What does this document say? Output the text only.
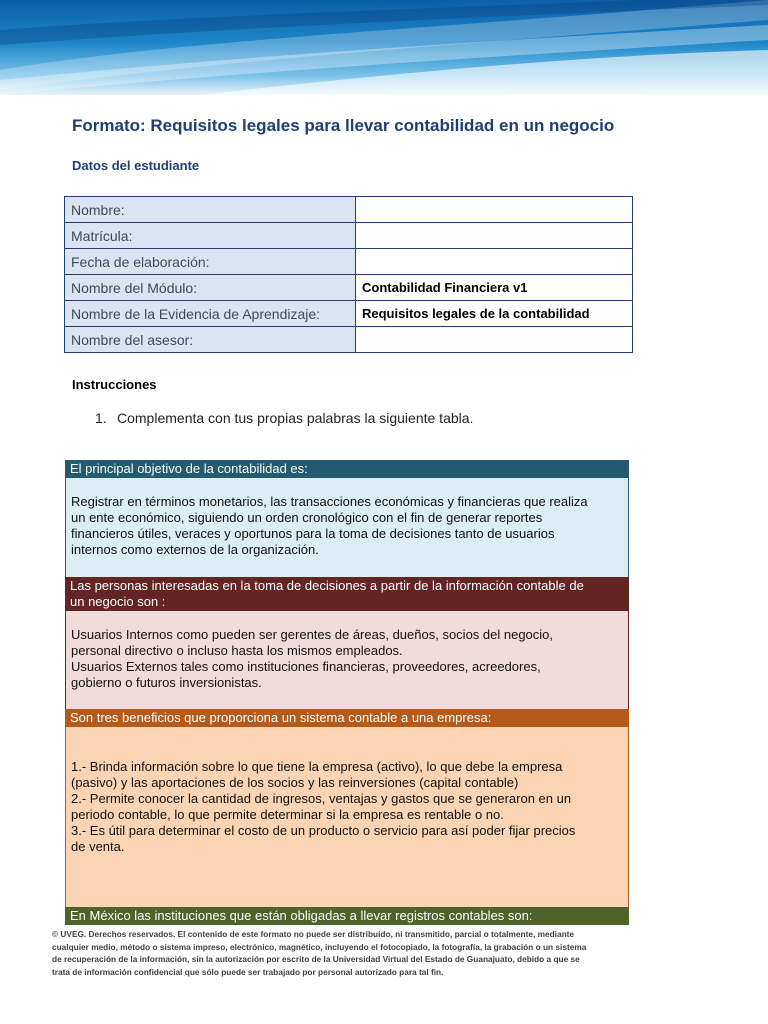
Formato: Requisitos legales para llevar contabilidad en un negocio
Datos del estudiante
Nombre:	
Matrícula:	
Fecha de elaboración:	
Nombre del Módulo:	Contabilidad Financiera v1
Nombre de la Evidencia de Aprendizaje:	Requisitos legales de la contabilidad
Nombre del asesor:	
Instrucciones
1. Complementa con tus propias palabras la siguiente tabla.
El principal objetivo de la contabilidad es:
Registrar en términos monetarios, las transacciones económicas y financieras que realiza
un ente económico, siguiendo un orden cronológico con el fin de generar reportes
financieros útiles, veraces y oportunos para la toma de decisiones tanto de usuarios
internos como externos de la organización.
Las personas interesadas en la toma de decisiones a partir de la información contable de
un negocio son :
Usuarios Internos como pueden ser gerentes de áreas, dueños, socios del negocio,
personal directivo o incluso hasta los mismos empleados.
Usuarios Externos tales como instituciones financieras, proveedores, acreedores,
gobierno o futuros inversionistas.
Son tres beneficios que proporciona un sistema contable a una empresa:
1.- Brinda información sobre lo que tiene la empresa (activo), lo que debe la empresa
(pasivo) y las aportaciones de los socios y las reinversiones (capital contable)
2.- Permite conocer la cantidad de ingresos, ventajas y gastos que se generaron en un
periodo contable, lo que permite determinar si la empresa es rentable o no.
3.- Es útil para determinar el costo de un producto o servicio para así poder fijar precios
de venta.
En México las instituciones que están obligadas a llevar registros contables son:
© UVEG. Derechos reservados. El contenido de este formato no puede ser distribuido, ni transmitido, parcial o totalmente, mediante
cualquier medio, método o sistema impreso, electrónico, magnético, incluyendo el fotocopiado, la fotografía, la grabación o un sistema
de recuperación de la información, sin la autorización por escrito de la Universidad Virtual del Estado de Guanajuato, debido a que se
trata de información confidencial que sólo puede ser trabajado por personal autorizado para tal fin.
